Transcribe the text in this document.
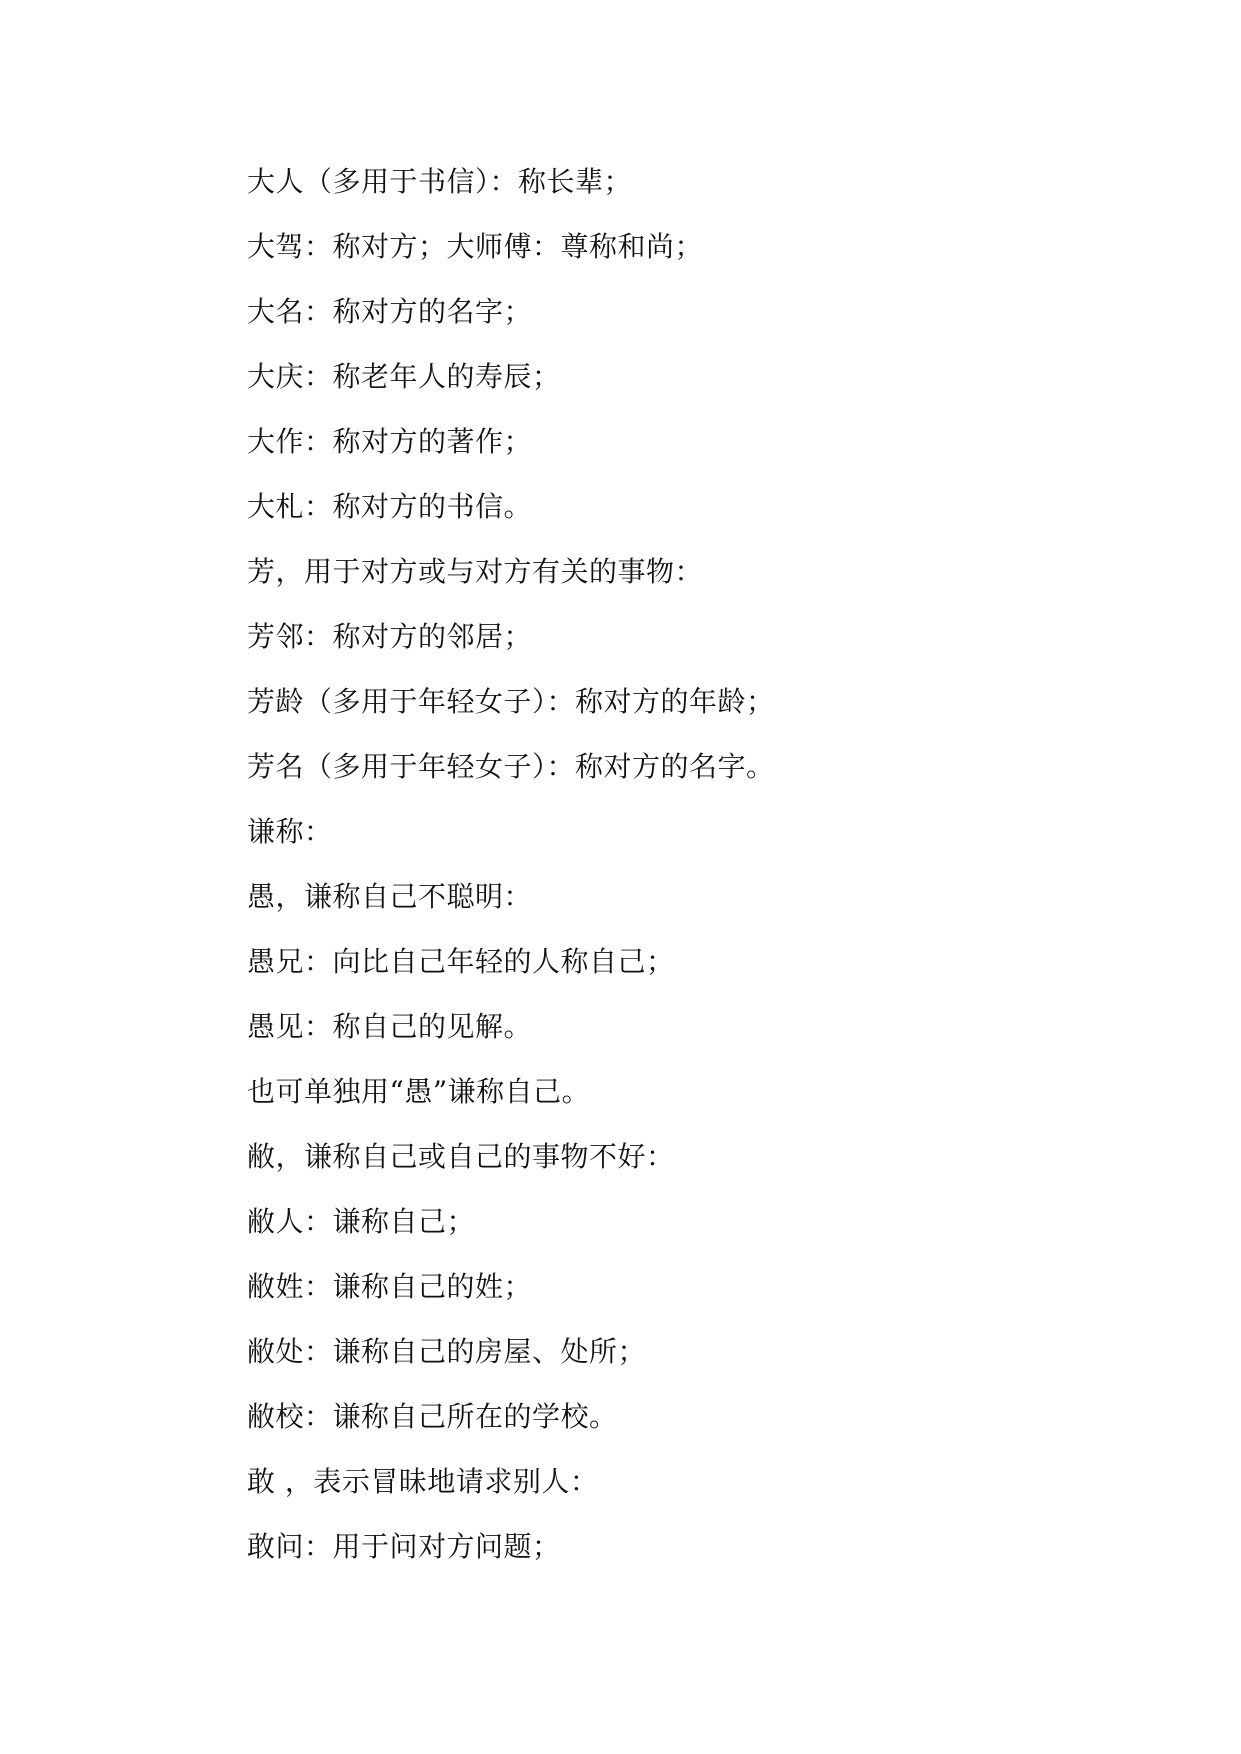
大人（多用于书信）：称长辈；
大驾：称对方；大师傅：尊称和尚；
大名：称对方的名字；
大庆：称老年人的寿辰；
大作：称对方的著作；
大札：称对方的书信。
芳，用于对方或与对方有关的事物：
芳邻：称对方的邻居；
芳龄（多用于年轻女子）：称对方的年龄；
芳名（多用于年轻女子）：称对方的名字。
谦称：
愚，谦称自己不聪明：
愚兄：向比自己年轻的人称自己；
愚见：称自己的见解。
也可单独用“愚”谦称自己。
敝，谦称自己或自己的事物不好：
敝人：谦称自己；
敝姓：谦称自己的姓；
敝处：谦称自己的房屋、处所；
敝校：谦称自己所在的学校。
敢 ，表示冒昧地请求别人：
敢问：用于问对方问题；
